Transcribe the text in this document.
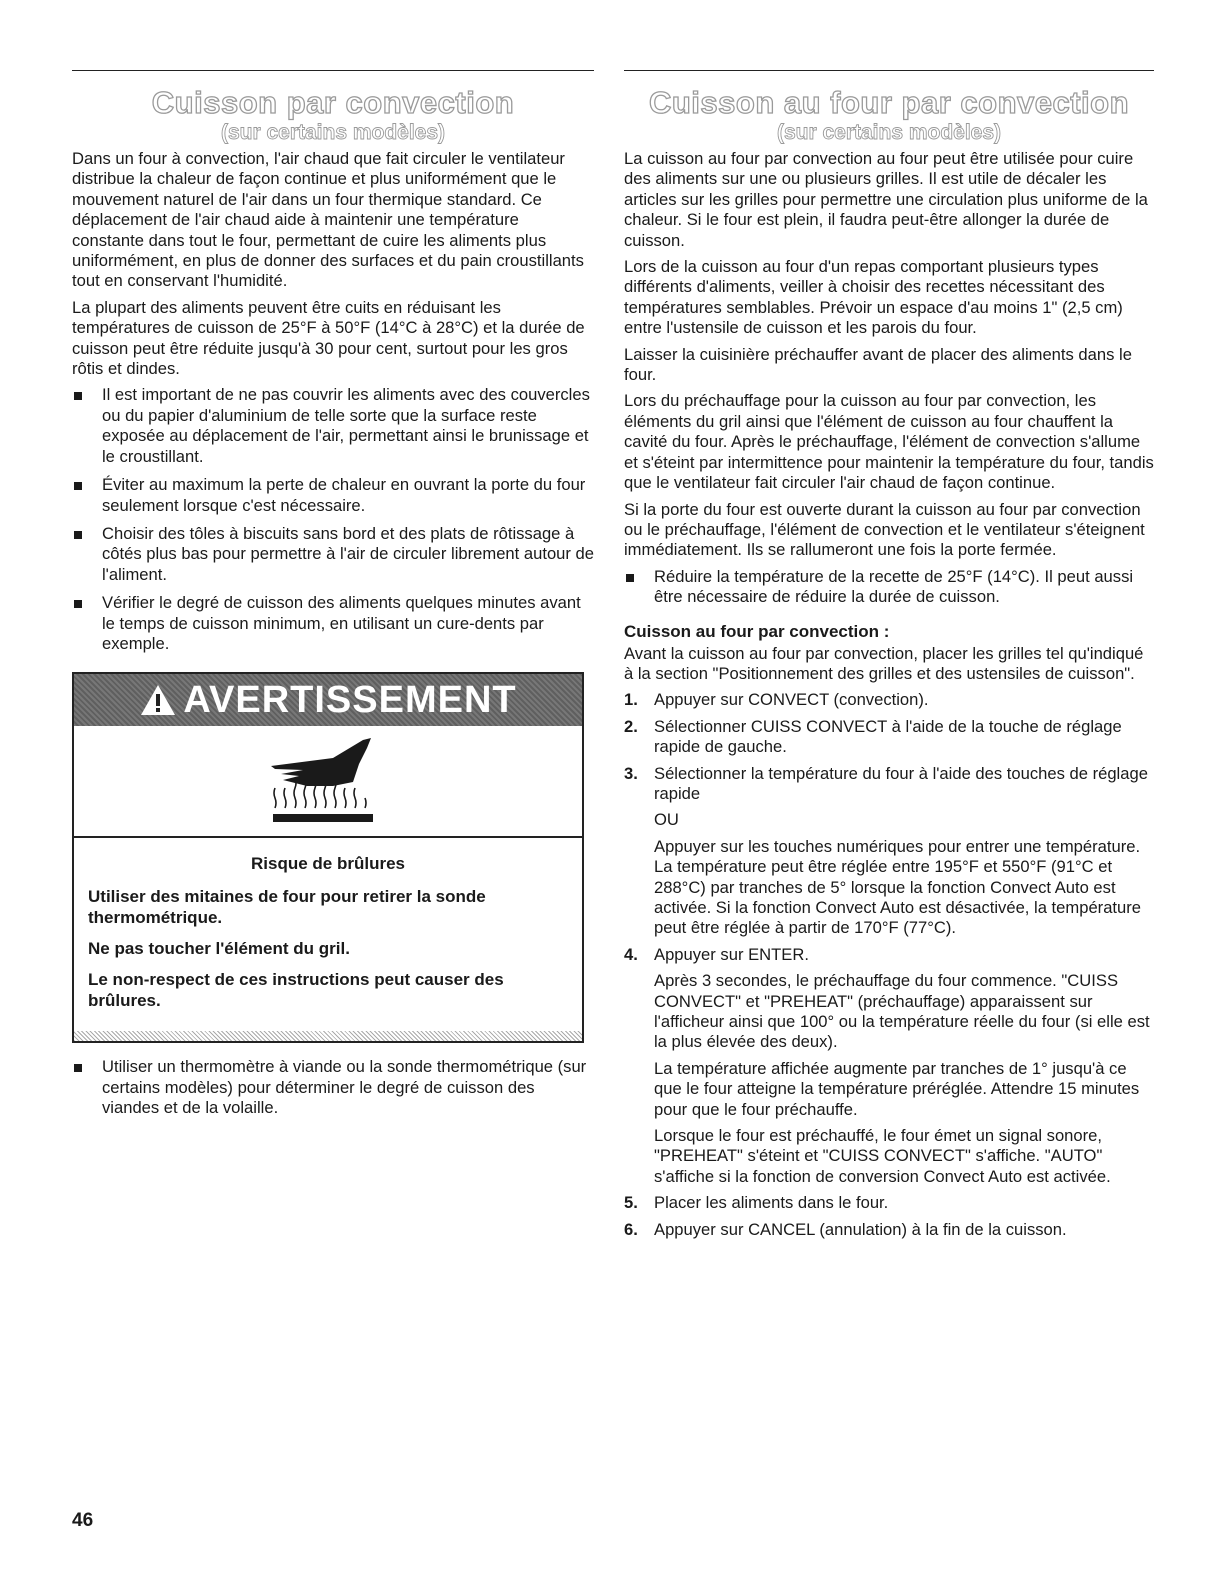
Cuisson par convection
(sur certains modèles)

Dans un four à convection, l'air chaud que fait circuler le ventilateur distribue la chaleur de façon continue et plus uniformément que le mouvement naturel de l'air dans un four thermique standard. Ce déplacement de l'air chaud aide à maintenir une température constante dans tout le four, permettant de cuire les aliments plus uniformément, en plus de donner des surfaces et du pain croustillants tout en conservant l'humidité.

La plupart des aliments peuvent être cuits en réduisant les températures de cuisson de 25°F à 50°F (14°C à 28°C) et la durée de cuisson peut être réduite jusqu'à 30 pour cent, surtout pour les gros rôtis et dindes.

Il est important de ne pas couvrir les aliments avec des couvercles ou du papier d'aluminium de telle sorte que la surface reste exposée au déplacement de l'air, permettant ainsi le brunissage et le croustillant.
Éviter au maximum la perte de chaleur en ouvrant la porte du four seulement lorsque c'est nécessaire.
Choisir des tôles à biscuits sans bord et des plats de rôtissage à côtés plus bas pour permettre à l'air de circuler librement autour de l'aliment.
Vérifier le degré de cuisson des aliments quelques minutes avant le temps de cuisson minimum, en utilisant un cure-dents par exemple.
AVERTISSEMENT
Risque de brûlures
Utiliser des mitaines de four pour retirer la sonde thermométrique.
Ne pas toucher l'élément du gril.
Le non-respect de ces instructions peut causer des brûlures.
Utiliser un thermomètre à viande ou la sonde thermométrique (sur certains modèles) pour déterminer le degré de cuisson des viandes et de la volaille.
Cuisson au four par convection
(sur certains modèles)

La cuisson au four par convection au four peut être utilisée pour cuire des aliments sur une ou plusieurs grilles. Il est utile de décaler les articles sur les grilles pour permettre une circulation plus uniforme de la chaleur. Si le four est plein, il faudra peut-être allonger la durée de cuisson.

Lors de la cuisson au four d'un repas comportant plusieurs types différents d'aliments, veiller à choisir des recettes nécessitant des températures semblables. Prévoir un espace d'au moins 1" (2,5 cm) entre l'ustensile de cuisson et les parois du four.

Laisser la cuisinière préchauffer avant de placer des aliments dans le four.

Lors du préchauffage pour la cuisson au four par convection, les éléments du gril ainsi que l'élément de cuisson au four chauffent la cavité du four. Après le préchauffage, l'élément de convection s'allume et s'éteint par intermittence pour maintenir la température du four, tandis que le ventilateur fait circuler l'air chaud de façon continue.

Si la porte du four est ouverte durant la cuisson au four par convection ou le préchauffage, l'élément de convection et le ventilateur s'éteignent immédiatement. Ils se rallumeront une fois la porte fermée.

Réduire la température de la recette de 25°F (14°C). Il peut aussi être nécessaire de réduire la durée de cuisson.
Cuisson au four par convection :

Avant la cuisson au four par convection, placer les grilles tel qu'indiqué à la section "Positionnement des grilles et des ustensiles de cuisson".

1. Appuyer sur CONVECT (convection).

2. Sélectionner CUISS CONVECT à l'aide de la touche de réglage rapide de gauche.

3. Sélectionner la température du four à l'aide des touches de réglage rapide

OU

Appuyer sur les touches numériques pour entrer une température. La température peut être réglée entre 195°F et 550°F (91°C et 288°C) par tranches de 5° lorsque la fonction Convect Auto est activée. Si la fonction Convect Auto est désactivée, la température peut être réglée à partir de 170°F (77°C).

4. Appuyer sur ENTER.

Après 3 secondes, le préchauffage du four commence. "CUISS CONVECT" et "PREHEAT" (préchauffage) apparaissent sur l'afficheur ainsi que 100° ou la température réelle du four (si elle est la plus élevée des deux).

La température affichée augmente par tranches de 1° jusqu'à ce que le four atteigne la température préréglée. Attendre 15 minutes pour que le four préchauffe.

Lorsque le four est préchauffé, le four émet un signal sonore, "PREHEAT" s'éteint et "CUISS CONVECT" s'affiche. "AUTO" s'affiche si la fonction de conversion Convect Auto est activée.

5. Placer les aliments dans le four.

6. Appuyer sur CANCEL (annulation) à la fin de la cuisson.

46
